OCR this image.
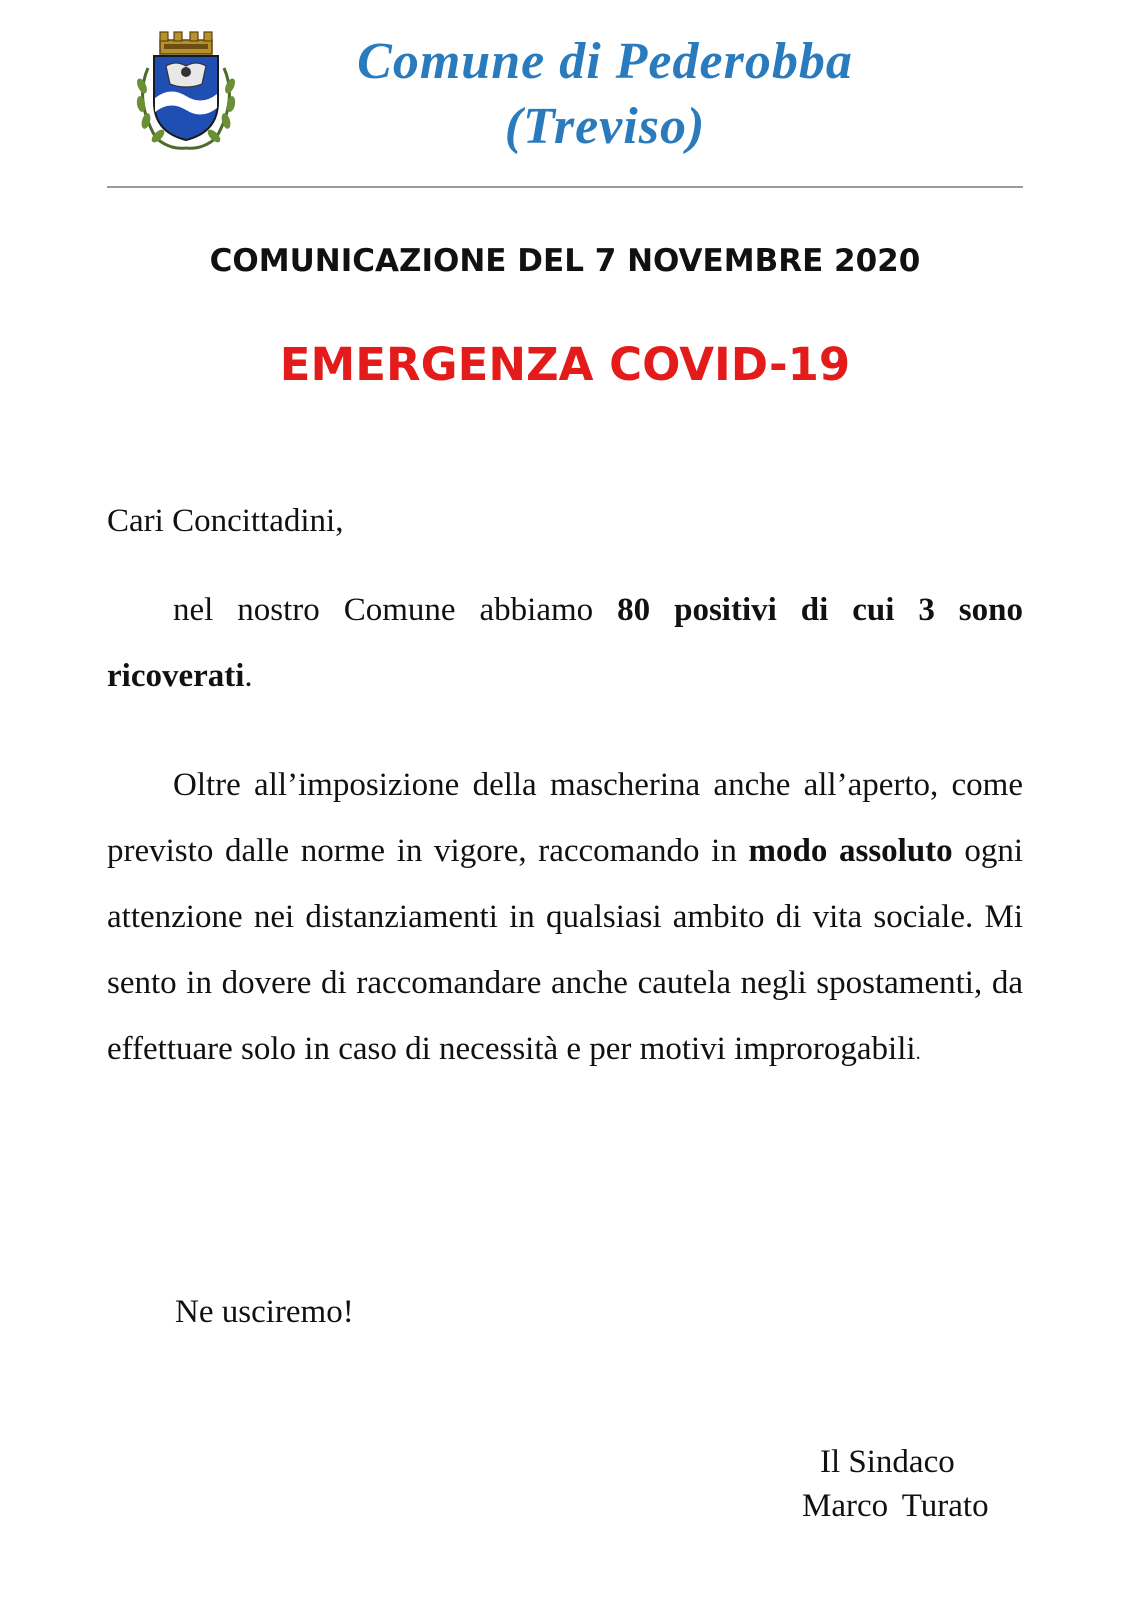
Comune di Pederobba
(Treviso)
COMUNICAZIONE DEL 7 NOVEMBRE 2020
EMERGENZA COVID-19
Cari Concittadini,
nel nostro Comune abbiamo 80 positivi di cui 3 sono ricoverati.
Oltre all’imposizione della mascherina anche all’aperto, come previsto dalle norme in vigore, raccomando in modo assoluto ogni attenzione nei distanziamenti in qualsiasi ambito di vita sociale. Mi sento in dovere di raccomandare anche cautela negli spostamenti, da effettuare solo in caso di necessità e per motivi improrogabili.
Ne usciremo!
Il Sindaco
Marco Turato
